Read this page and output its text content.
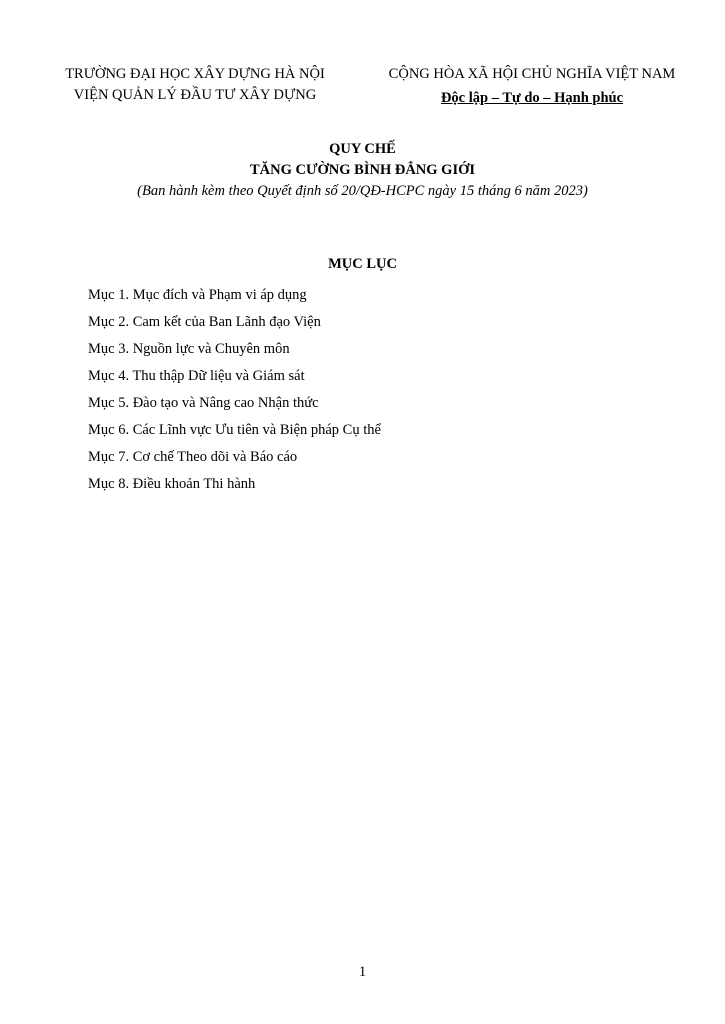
TRƯỜNG ĐẠI HỌC XÂY DỰNG HÀ NỘI
VIỆN QUẢN LÝ ĐẦU TƯ XÂY DỰNG
CỘNG HÒA XÃ HỘI CHỦ NGHĨA VIỆT NAM
Độc lập – Tự do – Hạnh phúc
QUY CHẾ
TĂNG CƯỜNG BÌNH ĐẲNG GIỚI
(Ban hành kèm theo Quyết định số 20/QĐ-HCPC ngày 15 tháng 6 năm 2023)
MỤC LỤC
Mục 1. Mục đích và Phạm vi áp dụng
Mục 2. Cam kết của Ban Lãnh đạo Viện
Mục 3. Nguồn lực và Chuyên môn
Mục 4. Thu thập Dữ liệu và Giám sát
Mục 5. Đào tạo và Nâng cao Nhận thức
Mục 6. Các Lĩnh vực Ưu tiên và Biện pháp Cụ thể
Mục 7. Cơ chế Theo dõi và Báo cáo
Mục 8. Điều khoản Thi hành
1
